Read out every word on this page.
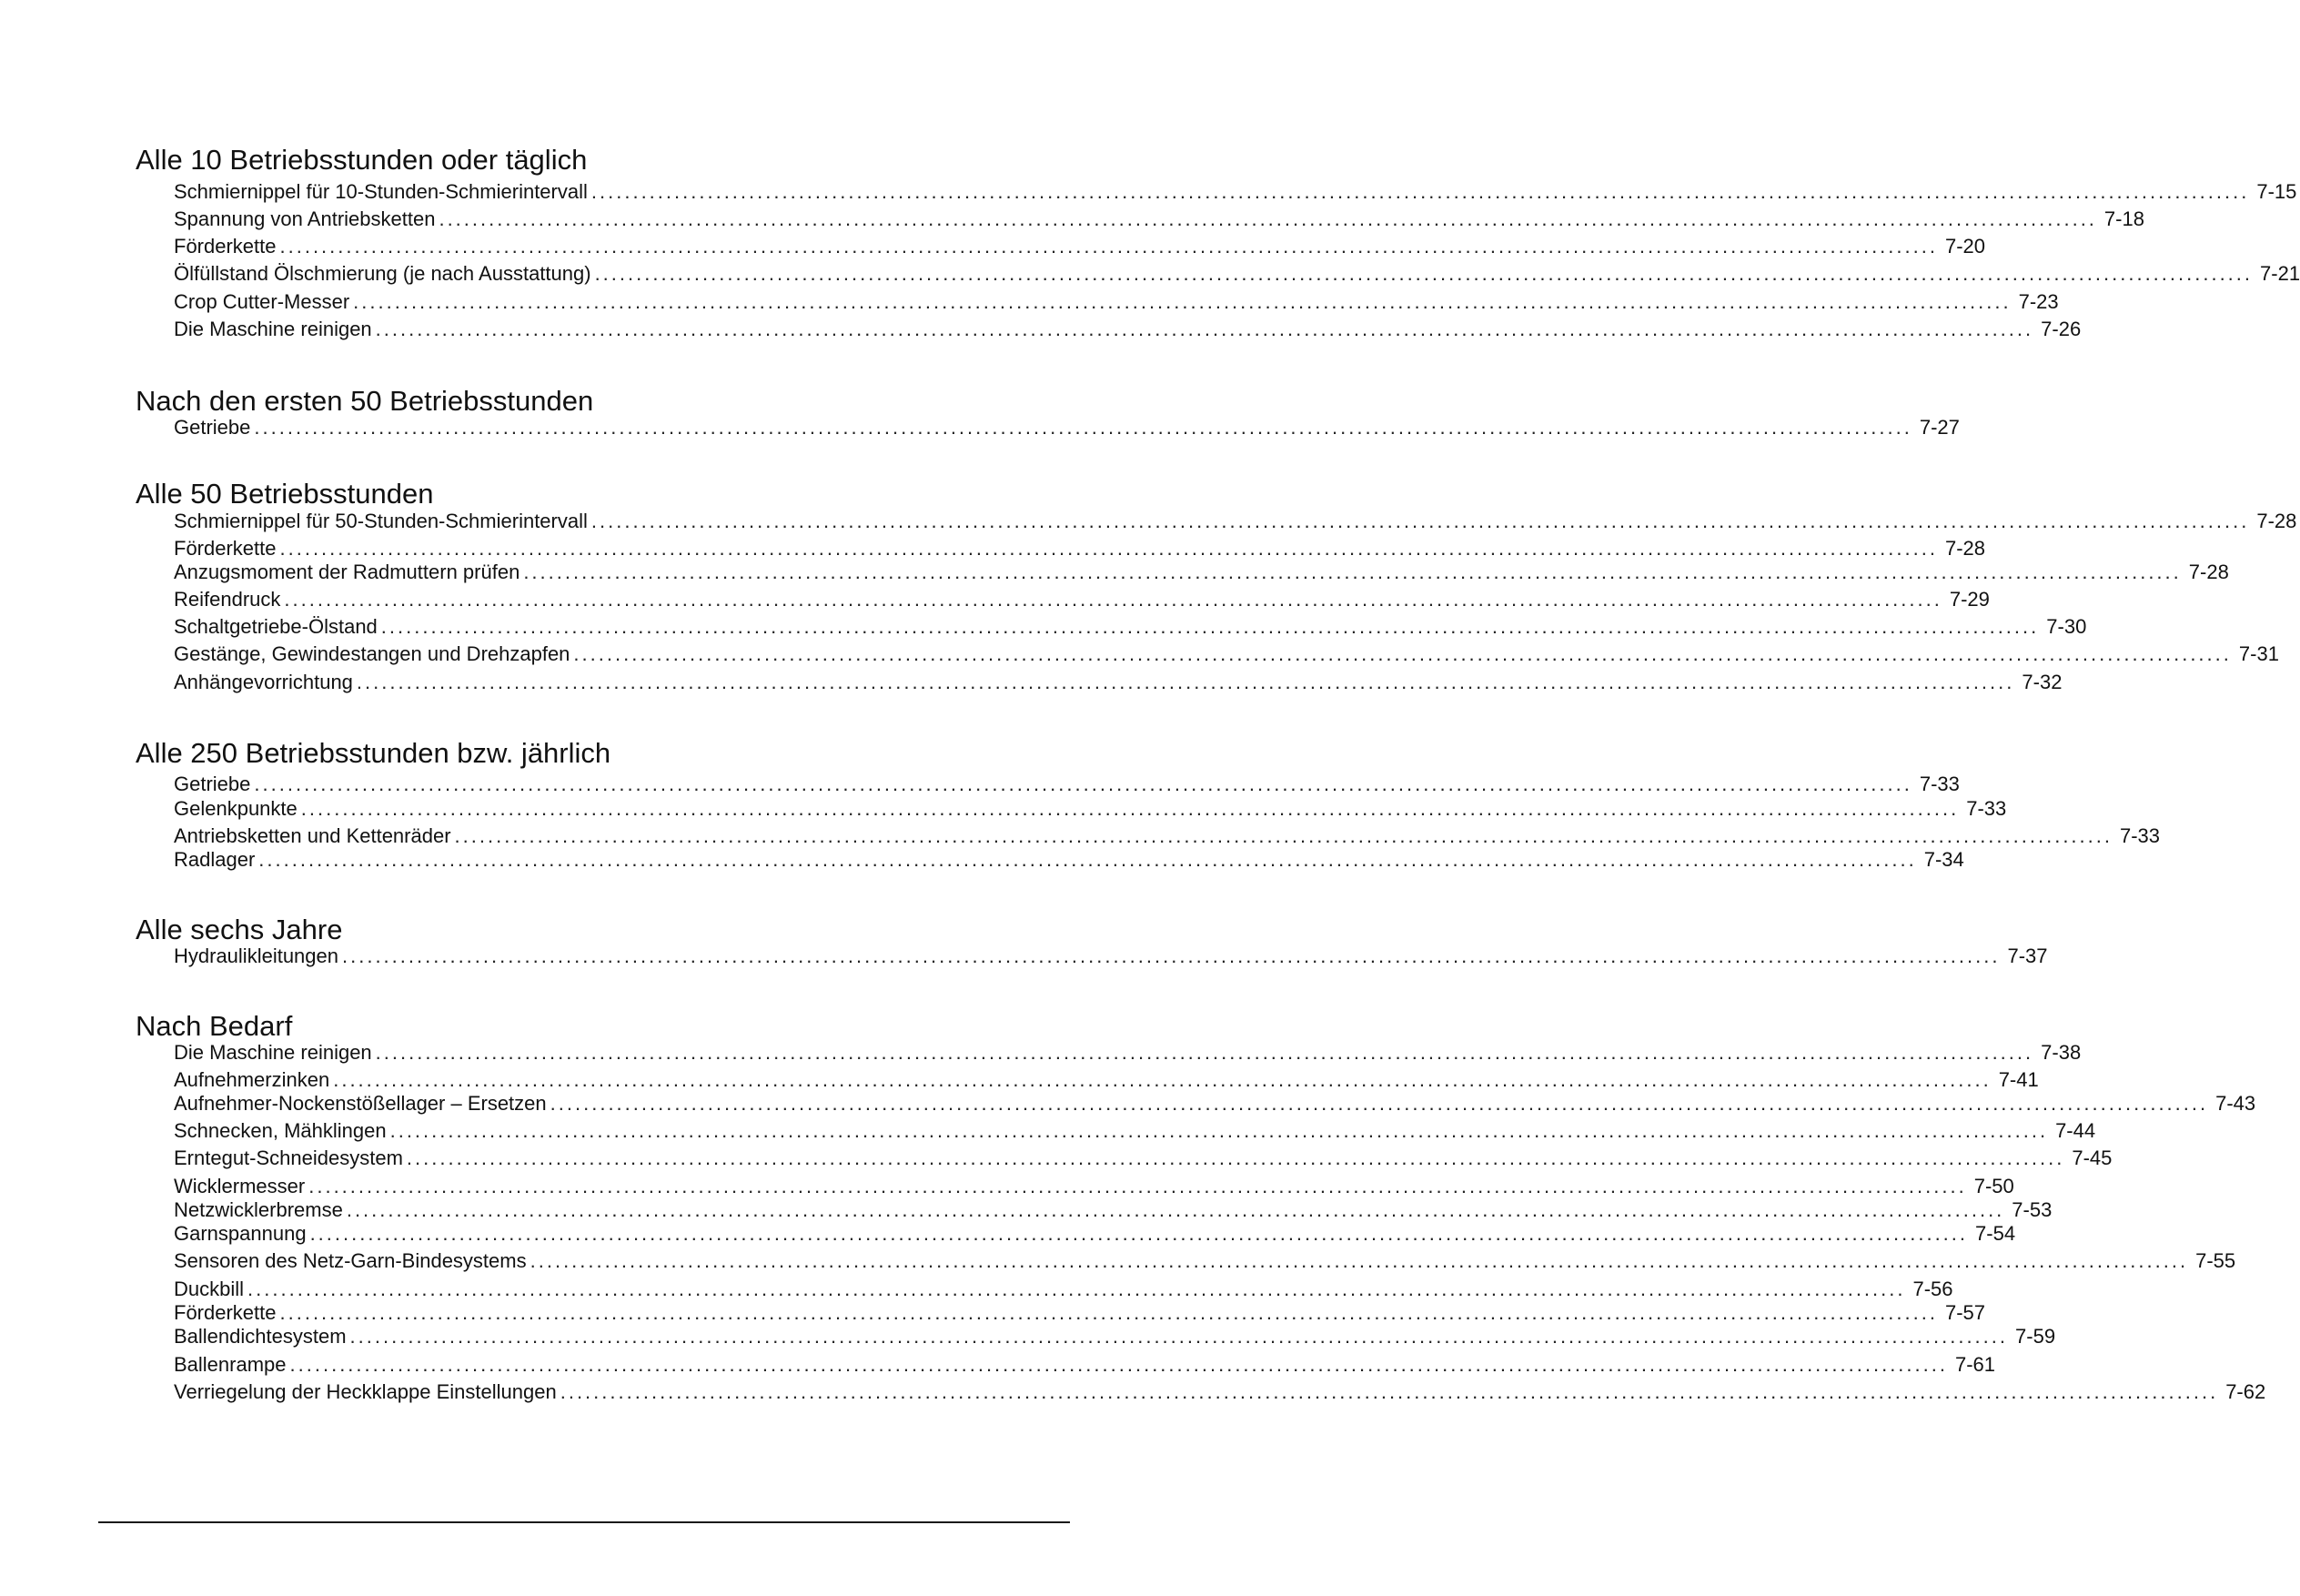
Alle 10 Betriebsstunden oder täglich
Schmiernippel für 10-Stunden-Schmierintervall ........................................................................................................................................................................................................ 7-15
Spannung von Antriebsketten ........................................................................................................................................................................................................ 7-18
Förderkette ........................................................................................................................................................................................................ 7-20
Ölfüllstand Ölschmierung (je nach Ausstattung) ........................................................................................................................................................................................................ 7-21
Crop Cutter-Messer ........................................................................................................................................................................................................ 7-23
Die Maschine reinigen ........................................................................................................................................................................................................ 7-26
Nach den ersten 50 Betriebsstunden
Getriebe ........................................................................................................................................................................................................ 7-27
Alle 50 Betriebsstunden
Schmiernippel für 50-Stunden-Schmierintervall ........................................................................................................................................................................................................ 7-28
Förderkette ........................................................................................................................................................................................................ 7-28
Anzugsmoment der Radmuttern prüfen ........................................................................................................................................................................................................ 7-28
Reifendruck ........................................................................................................................................................................................................ 7-29
Schaltgetriebe-Ölstand ........................................................................................................................................................................................................ 7-30
Gestänge, Gewindestangen und Drehzapfen ........................................................................................................................................................................................................ 7-31
Anhängevorrichtung ........................................................................................................................................................................................................ 7-32
Alle 250 Betriebsstunden bzw. jährlich
Getriebe ........................................................................................................................................................................................................ 7-33
Gelenkpunkte ........................................................................................................................................................................................................ 7-33
Antriebsketten und Kettenräder ........................................................................................................................................................................................................ 7-33
Radlager ........................................................................................................................................................................................................ 7-34
Alle sechs Jahre
Hydraulikleitungen ........................................................................................................................................................................................................ 7-37
Nach Bedarf
Die Maschine reinigen ........................................................................................................................................................................................................ 7-38
Aufnehmerzinken ........................................................................................................................................................................................................ 7-41
Aufnehmer-Nockenstößellager – Ersetzen ........................................................................................................................................................................................................ 7-43
Schnecken, Mähklingen ........................................................................................................................................................................................................ 7-44
Erntegut-Schneidesystem ........................................................................................................................................................................................................ 7-45
Wicklermesser ........................................................................................................................................................................................................ 7-50
Netzwicklerbremse ........................................................................................................................................................................................................ 7-53
Garnspannung ........................................................................................................................................................................................................ 7-54
Sensoren des Netz-Garn-Bindesystems ........................................................................................................................................................................................................ 7-55
Duckbill ........................................................................................................................................................................................................ 7-56
Förderkette ........................................................................................................................................................................................................ 7-57
Ballendichtesystem ........................................................................................................................................................................................................ 7-59
Ballenrampe ........................................................................................................................................................................................................ 7-61
Verriegelung der Heckklappe Einstellungen ........................................................................................................................................................................................................ 7-62
